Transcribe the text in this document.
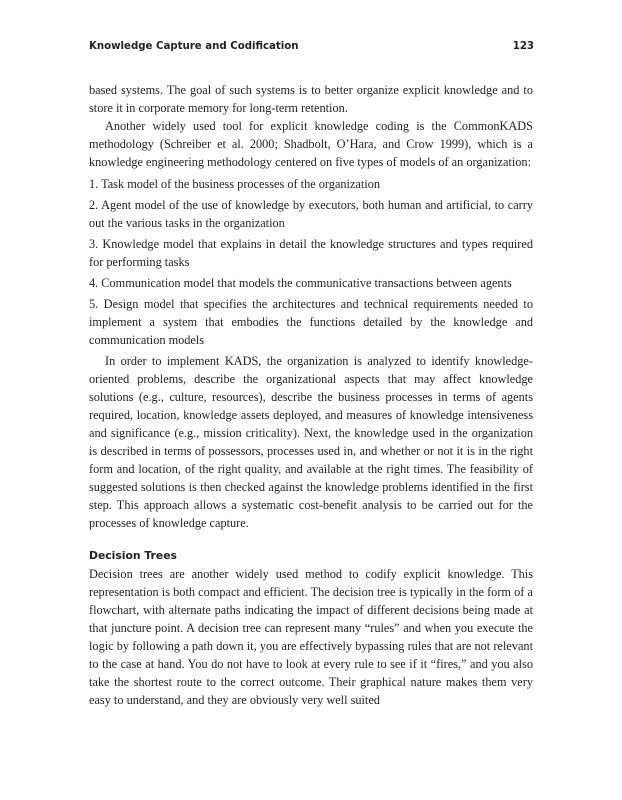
Knowledge Capture and Codification	123

based systems. The goal of such systems is to better organize explicit knowledge and to store it in corporate memory for long-term retention.

Another widely used tool for explicit knowledge coding is the CommonKADS methodology (Schreiber et al. 2000; Shadbolt, O’Hara, and Crow 1999), which is a knowledge engineering methodology centered on five types of models of an organization:

1. Task model of the business processes of the organization

2. Agent model of the use of knowledge by executors, both human and artificial, to carry out the various tasks in the organization

3. Knowledge model that explains in detail the knowledge structures and types required for performing tasks

4. Communication model that models the communicative transactions between agents

5. Design model that specifies the architectures and technical requirements needed to implement a system that embodies the functions detailed by the knowledge and communication models

In order to implement KADS, the organization is analyzed to identify knowledge-oriented problems, describe the organizational aspects that may affect knowledge solutions (e.g., culture, resources), describe the business processes in terms of agents required, location, knowledge assets deployed, and measures of knowledge intensiveness and significance (e.g., mission criticality). Next, the knowledge used in the organization is described in terms of possessors, processes used in, and whether or not it is in the right form and location, of the right quality, and available at the right times. The feasibility of suggested solutions is then checked against the knowledge problems identified in the first step. This approach allows a systematic cost-benefit analysis to be carried out for the processes of knowledge capture.

Decision Trees

Decision trees are another widely used method to codify explicit knowledge. This representation is both compact and efficient. The decision tree is typically in the form of a flowchart, with alternate paths indicating the impact of different decisions being made at that juncture point. A decision tree can represent many “rules” and when you execute the logic by following a path down it, you are effectively bypassing rules that are not relevant to the case at hand. You do not have to look at every rule to see if it “fires,” and you also take the shortest route to the correct outcome. Their graphical nature makes them very easy to understand, and they are obviously very well suited
